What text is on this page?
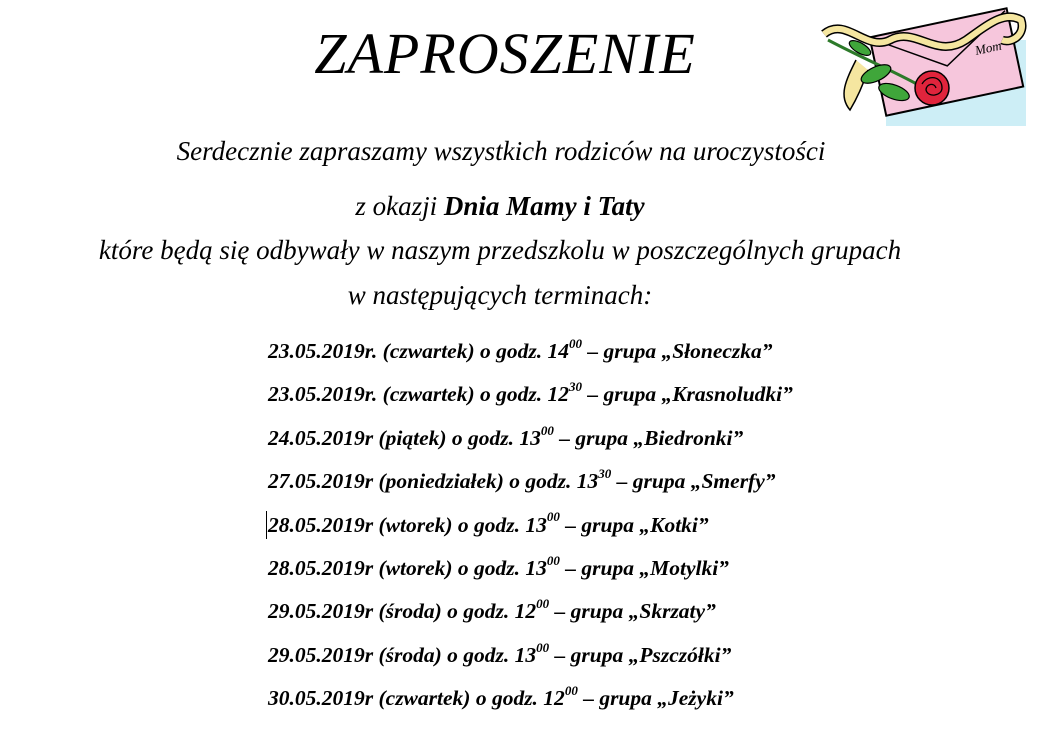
ZAPROSZENIE	Mom

Serdecznie zapraszamy wszystkich rodziców na uroczystości

z okazji Dnia Mamy i Taty

które będą się odbywały w naszym przedszkolu w poszczególnych grupach

w następujących terminach:

23.05.2019r. (czwartek) o godz. $14^{00}$ – grupa „Słoneczka”
23.05.2019r. (czwartek) o godz. $12^{30}$ – grupa „Krasnoludki”
24.05.2019r (piątek) o godz. $13^{00}$ – grupa „Biedronki”
27.05.2019r (poniedziałek) o godz. $13^{30}$ – grupa „Smerfy”
28.05.2019r (wtorek) o godz. $13^{00}$ – grupa „Kotki”
28.05.2019r (wtorek) o godz. $13^{00}$ – grupa „Motylki”
29.05.2019r (środa) o godz. $12^{00}$ – grupa „Skrzaty”
29.05.2019r (środa) o godz. $13^{00}$ – grupa „Pszczółki”
30.05.2019r (czwartek) o godz. $12^{00}$ – grupa „Jeżyki”
